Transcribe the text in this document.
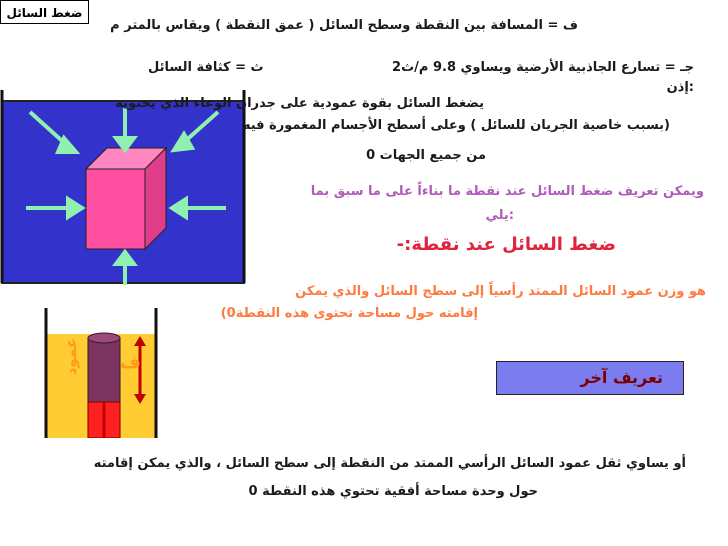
ضغط السائل
ف = المسافة بين النقطة وسطح السائل ( عمق النقطة ) ويقاس بالمتر م
جـ = تسارع الجاذبية الأرضية ويساوي 9.8 م/ث2
ث = كثافة السائل
:إذن
عمود ف
يضغط السائل بقوة عمودية على جدران الوعاء الذي يحتويه
(بسبب خاصية الجريان للسائل ) وعلى أسطح الأجسام المغمورة فيه
من جميع الجهات 0
ويمكن تعريف ضغط السائل عند نقطة ما بناءاً على ما سبق بما
:يلي
ضغط السائل عند نقطة:-
هو وزن عمود السائل الممتد رأسياً إلى سطح السائل والذي يمكن
إقامته حول مساحة تحتوى هذه النقطة0)
تعريف آخر
أو يساوي ثقل عمود السائل الرأسي الممتد من النقطة إلى سطح السائل ، والذي يمكن إقامته
حول وحدة مساحة أفقية تحتوي هذه النقطة 0
